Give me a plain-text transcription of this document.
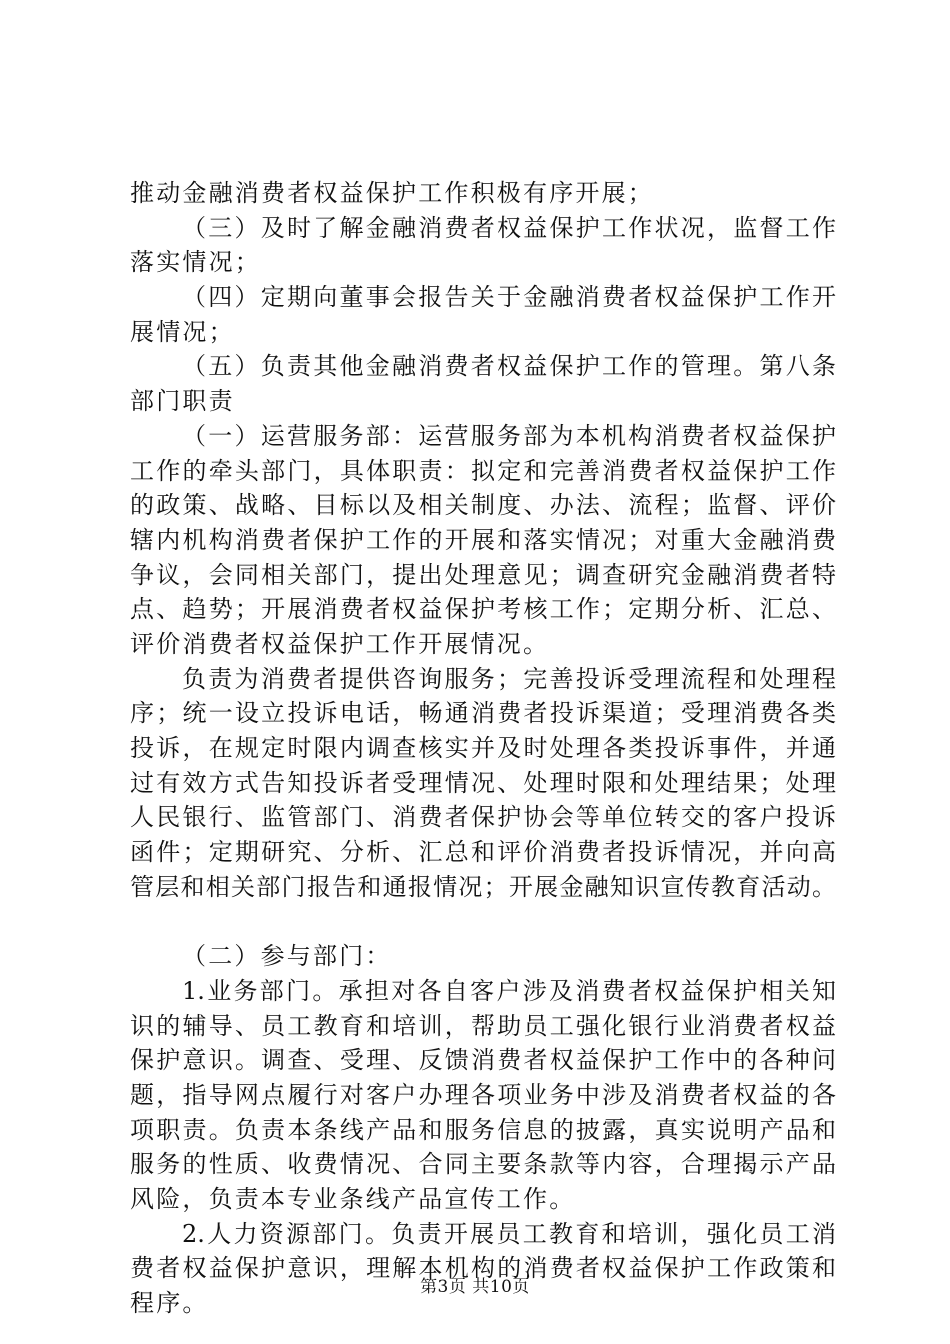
推动金融消费者权益保护工作积极有序开展；
（三）及时了解金融消费者权益保护工作状况，监督工作
落实情况；
（四）定期向董事会报告关于金融消费者权益保护工作开
展情况；
（五）负责其他金融消费者权益保护工作的管理。第八条
部门职责
（一）运营服务部：运营服务部为本机构消费者权益保护
工作的牵头部门，具体职责：拟定和完善消费者权益保护工作
的政策、战略、目标以及相关制度、办法、流程；监督、评价
辖内机构消费者保护工作的开展和落实情况；对重大金融消费
争议，会同相关部门，提出处理意见；调查研究金融消费者特
点、趋势；开展消费者权益保护考核工作；定期分析、汇总、
评价消费者权益保护工作开展情况。
负责为消费者提供咨询服务；完善投诉受理流程和处理程
序；统一设立投诉电话，畅通消费者投诉渠道；受理消费各类
投诉，在规定时限内调查核实并及时处理各类投诉事件，并通
过有效方式告知投诉者受理情况、处理时限和处理结果；处理
人民银行、监管部门、消费者保护协会等单位转交的客户投诉
函件；定期研究、分析、汇总和评价消费者投诉情况，并向高
管层和相关部门报告和通报情况；开展金融知识宣传教育活动。
（二）参与部门：
1.业务部门。承担对各自客户涉及消费者权益保护相关知
识的辅导、员工教育和培训，帮助员工强化银行业消费者权益
保护意识。调查、受理、反馈消费者权益保护工作中的各种问
题，指导网点履行对客户办理各项业务中涉及消费者权益的各
项职责。负责本条线产品和服务信息的披露，真实说明产品和
服务的性质、收费情况、合同主要条款等内容，合理揭示产品
风险，负责本专业条线产品宣传工作。
2.人力资源部门。负责开展员工教育和培训，强化员工消
费者权益保护意识，理解本机构的消费者权益保护工作政策和
程序。
第3页 共10页
